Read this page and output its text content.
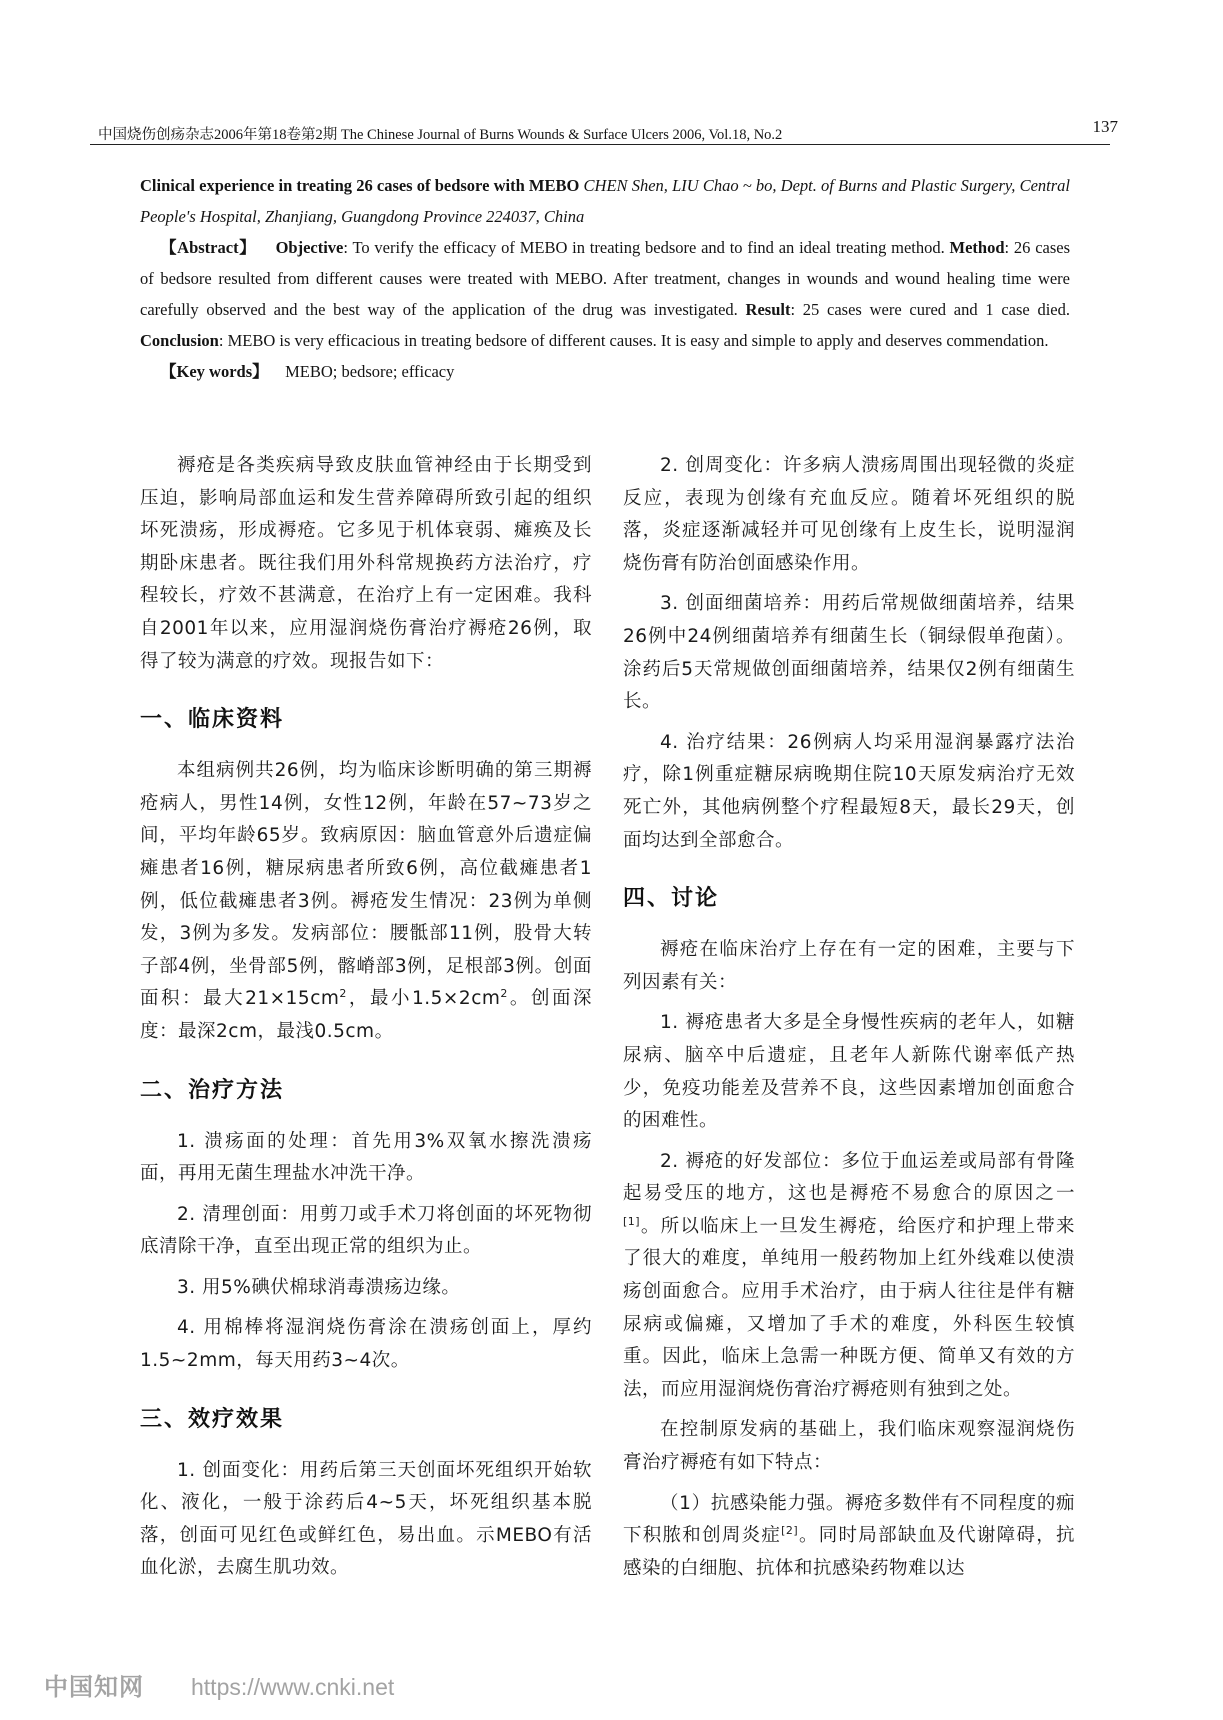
中国烧伤创疡杂志2006年第18卷第2期 The Chinese Journal of Burns Wounds & Surface Ulcers 2006, Vol.18, No.2	137

Clinical experience in treating 26 cases of bedsore with MEBO CHEN Shen, LIU Chao ~ bo, Dept. of Burns and Plastic Surgery, Central People's Hospital, Zhanjiang, Guangdong Province 224037, China

【Abstract】 Objective: To verify the efficacy of MEBO in treating bedsore and to find an ideal treating method. Method: 26 cases of bedsore resulted from different causes were treated with MEBO. After treatment, changes in wounds and wound healing time were carefully observed and the best way of the application of the drug was investigated. Result: 25 cases were cured and 1 case died. Conclusion: MEBO is very efficacious in treating bedsore of different causes. It is easy and simple to apply and deserves commendation.

【Key words】 MEBO; bedsore; efficacy

褥疮是各类疾病导致皮肤血管神经由于长期受到压迫，影响局部血运和发生营养障碍所致引起的组织坏死溃疡，形成褥疮。它多见于机体衰弱、瘫痪及长期卧床患者。既往我们用外科常规换药方法治疗，疗程较长，疗效不甚满意，在治疗上有一定困难。我科自2001年以来，应用湿润烧伤膏治疗褥疮26例，取得了较为满意的疗效。现报告如下：

一、临床资料

本组病例共26例，均为临床诊断明确的第三期褥疮病人，男性14例，女性12例，年龄在57~73岁之间，平均年龄65岁。致病原因：脑血管意外后遗症偏瘫患者16例，糖尿病患者所致6例，高位截瘫患者1例，低位截瘫患者3例。褥疮发生情况：23例为单侧发，3例为多发。发病部位：腰骶部11例，股骨大转子部4例，坐骨部5例，髂嵴部3例，足根部3例。创面面积：最大$21\times 15cm^2$，最小$1.5\times 2cm^2$。创面深度：最深2cm，最浅0.5cm。

二、治疗方法

1. 溃疡面的处理：首先用3%双氧水擦洗溃疡面，再用无菌生理盐水冲洗干净。

2. 清理创面：用剪刀或手术刀将创面的坏死物彻底清除干净，直至出现正常的组织为止。

3. 用5%碘伏棉球消毒溃疡边缘。

4. 用棉棒将湿润烧伤膏涂在溃疡创面上，厚约1.5~2mm，每天用药3~4次。

三、效疗效果

1. 创面变化：用药后第三天创面坏死组织开始软化、液化，一般于涂药后4~5天，坏死组织基本脱落，创面可见红色或鲜红色，易出血。示MEBO有活血化淤，去腐生肌功效。

2. 创周变化：许多病人溃疡周围出现轻微的炎症反应，表现为创缘有充血反应。随着坏死组织的脱落，炎症逐渐减轻并可见创缘有上皮生长，说明湿润烧伤膏有防治创面感染作用。

3. 创面细菌培养：用药后常规做细菌培养，结果26例中24例细菌培养有细菌生长（铜绿假单孢菌）。涂药后5天常规做创面细菌培养，结果仅2例有细菌生长。

4. 治疗结果：26例病人均采用湿润暴露疗法治疗，除1例重症糖尿病晚期住院10天原发病治疗无效死亡外，其他病例整个疗程最短8天，最长29天，创面均达到全部愈合。

四、讨论

褥疮在临床治疗上存在有一定的困难，主要与下列因素有关：

1. 褥疮患者大多是全身慢性疾病的老年人，如糖尿病、脑卒中后遗症，且老年人新陈代谢率低产热少，免疫功能差及营养不良，这些因素增加创面愈合的困难性。

2. 褥疮的好发部位：多位于血运差或局部有骨隆起易受压的地方，这也是褥疮不易愈合的原因之一[1]。所以临床上一旦发生褥疮，给医疗和护理上带来了很大的难度，单纯用一般药物加上红外线难以使溃疡创面愈合。应用手术治疗，由于病人往往是伴有糖尿病或偏瘫，又增加了手术的难度，外科医生较慎重。因此，临床上急需一种既方便、简单又有效的方法，而应用湿润烧伤膏治疗褥疮则有独到之处。

在控制原发病的基础上，我们临床观察湿润烧伤膏治疗褥疮有如下特点：

（1）抗感染能力强。褥疮多数伴有不同程度的痂下积脓和创周炎症[2]。同时局部缺血及代谢障碍，抗感染的白细胞、抗体和抗感染药物难以达

中国知网 https://www.cnki.net
